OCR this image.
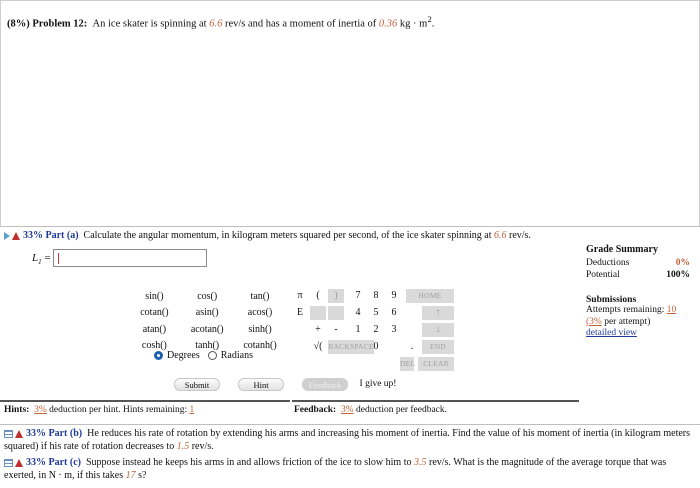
(8%) Problem 12: An ice skater is spinning at 6.6 rev/s and has a moment of inertia of 0.36 kg · $m^2$.
33% Part (a) Calculate the angular momentum, in kilogram meters squared per second, of the ice skater spinning at 6.6 rev/s.
$L_1$ =
Grade Summary
Deductions	0%
Potential	100%
Submissions
Attempts remaining: 10
(3% per attempt)
detailed view
sin()	cos()	tan()
cotan()	asin()	acos()
atan()	acotan()	sinh()
cosh()	tanh()	cotanh()
Degrees Radians
π	(	)
E
+	-
√( BACKSPACE
7	8	9
4	5	6
1	2	3
0	.
HOME
↑
↓
END
DEL	CLEAR
Submit	Hint	Feedback	I give up!
Hints: 3% deduction per hint. Hints remaining: 1	Feedback: 3% deduction per feedback.
33% Part (b) He reduces his rate of rotation by extending his arms and increasing his moment of inertia. Find the value of his moment of inertia (in kilogram meters squared) if his rate of rotation decreases to 1.5 rev/s.
33% Part (c) Suppose instead he keeps his arms in and allows friction of the ice to slow him to 3.5 rev/s. What is the magnitude of the average torque that was exerted, in N · m, if this takes 17 s?
